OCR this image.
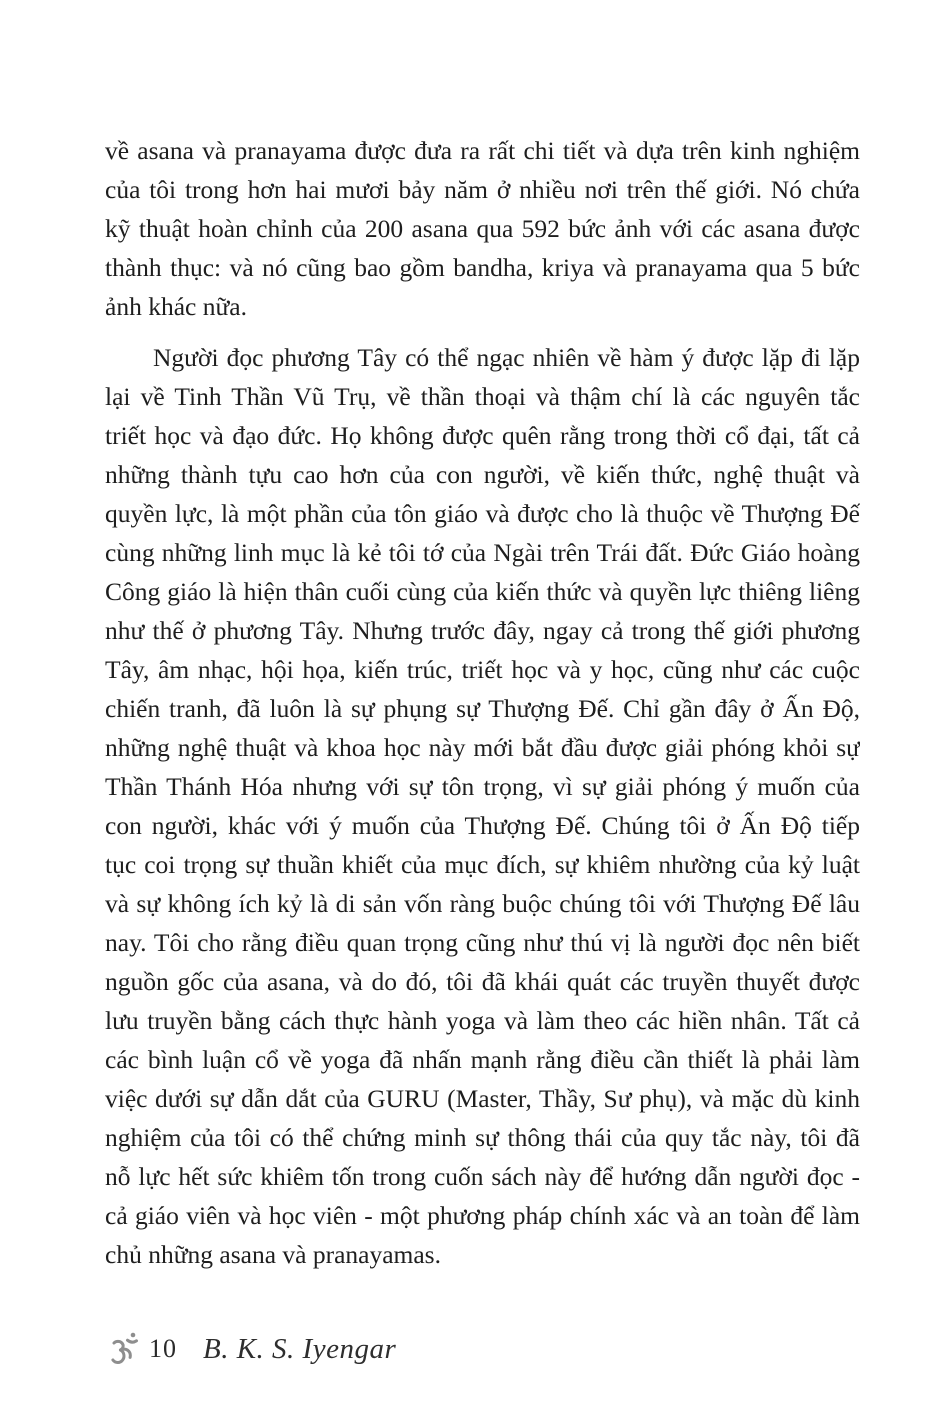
về asana và pranayama được đưa ra rất chi tiết và dựa trên kinh nghiệm
của tôi trong hơn hai mươi bảy năm ở nhiều nơi trên thế giới. Nó chứa
kỹ thuật hoàn chỉnh của 200 asana qua 592 bức ảnh với các asana được
thành thục: và nó cũng bao gồm bandha, kriya và pranayama qua 5 bức
ảnh khác nữa.
Người đọc phương Tây có thể ngạc nhiên về hàm ý được lặp đi lặp
lại về Tinh Thần Vũ Trụ, về thần thoại và thậm chí là các nguyên tắc
triết học và đạo đức. Họ không được quên rằng trong thời cổ đại, tất cả
những thành tựu cao hơn của con người, về kiến thức, nghệ thuật và
quyền lực, là một phần của tôn giáo và được cho là thuộc về Thượng Đế
cùng những linh mục là kẻ tôi tớ của Ngài trên Trái đất. Đức Giáo hoàng
Công giáo là hiện thân cuối cùng của kiến thức và quyền lực thiêng liêng
như thế ở phương Tây. Nhưng trước đây, ngay cả trong thế giới phương
Tây, âm nhạc, hội họa, kiến trúc, triết học và y học, cũng như các cuộc
chiến tranh, đã luôn là sự phụng sự Thượng Đế. Chỉ gần đây ở Ấn Độ,
những nghệ thuật và khoa học này mới bắt đầu được giải phóng khỏi sự
Thần Thánh Hóa nhưng với sự tôn trọng, vì sự giải phóng ý muốn của
con người, khác với ý muốn của Thượng Đế. Chúng tôi ở Ấn Độ tiếp
tục coi trọng sự thuần khiết của mục đích, sự khiêm nhường của kỷ luật
và sự không ích kỷ là di sản vốn ràng buộc chúng tôi với Thượng Đế lâu
nay. Tôi cho rằng điều quan trọng cũng như thú vị là người đọc nên biết
nguồn gốc của asana, và do đó, tôi đã khái quát các truyền thuyết được
lưu truyền bằng cách thực hành yoga và làm theo các hiền nhân. Tất cả
các bình luận cổ về yoga đã nhấn mạnh rằng điều cần thiết là phải làm
việc dưới sự dẫn dắt của GURU (Master, Thầy, Sư phụ), và mặc dù kinh
nghiệm của tôi có thể chứng minh sự thông thái của quy tắc này, tôi đã
nỗ lực hết sức khiêm tốn trong cuốn sách này để hướng dẫn người đọc -
cả giáo viên và học viên - một phương pháp chính xác và an toàn để làm
chủ những asana và pranayamas.
10 B. K. S. Iyengar
